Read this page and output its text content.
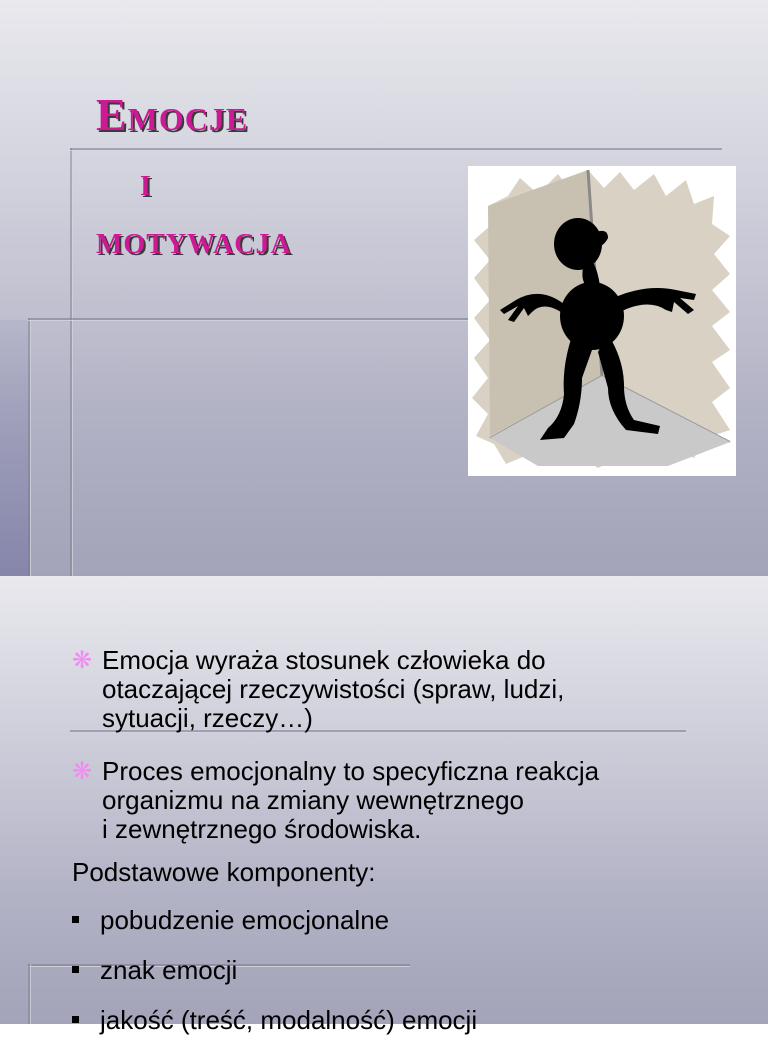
Emocje
i
motywacja
❋ Emocja wyraża stosunek człowieka do
otaczającej rzeczywistości (spraw, ludzi,
sytuacji, rzeczy…)
❋ Proces emocjonalny to specyficzna reakcja
organizmu na zmiany wewnętrznego
i zewnętrznego środowiska.

Podstawowe komponenty:

pobudzenie emocjonalne
znak emocji
jakość (treść, modalność) emocji
